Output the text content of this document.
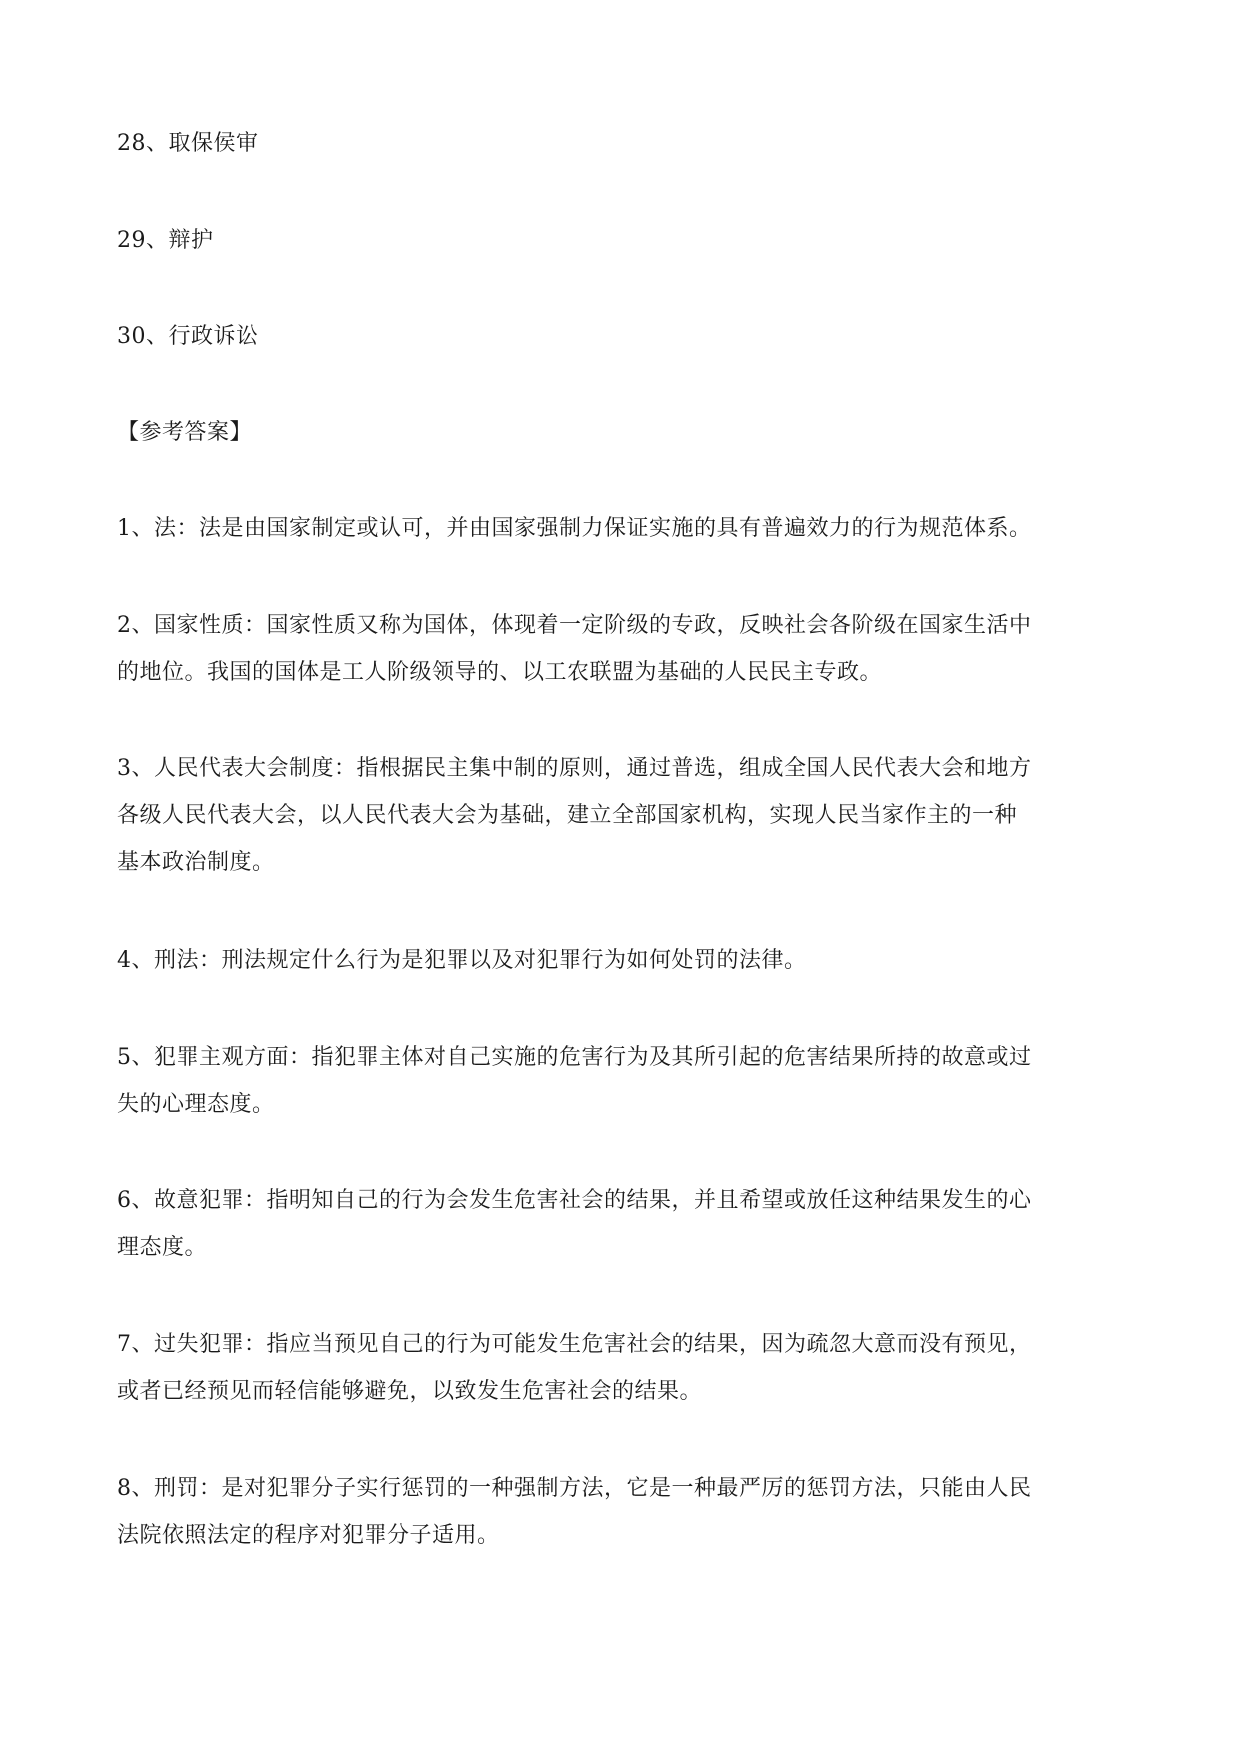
28、取保侯审
29、辩护
30、行政诉讼
【参考答案】
1、法：法是由国家制定或认可，并由国家强制力保证实施的具有普遍效力的行为规范体系。
2、国家性质：国家性质又称为国体，体现着一定阶级的专政，反映社会各阶级在国家生活中
的地位。我国的国体是工人阶级领导的、以工农联盟为基础的人民民主专政。
3、人民代表大会制度：指根据民主集中制的原则，通过普选，组成全国人民代表大会和地方
各级人民代表大会，以人民代表大会为基础，建立全部国家机构，实现人民当家作主的一种
基本政治制度。
4、刑法：刑法规定什么行为是犯罪以及对犯罪行为如何处罚的法律。
5、犯罪主观方面：指犯罪主体对自己实施的危害行为及其所引起的危害结果所持的故意或过
失的心理态度。
6、故意犯罪：指明知自己的行为会发生危害社会的结果，并且希望或放任这种结果发生的心
理态度。
7、过失犯罪：指应当预见自己的行为可能发生危害社会的结果，因为疏忽大意而没有预见，
或者已经预见而轻信能够避免，以致发生危害社会的结果。
8、刑罚：是对犯罪分子实行惩罚的一种强制方法，它是一种最严厉的惩罚方法，只能由人民
法院依照法定的程序对犯罪分子适用。
